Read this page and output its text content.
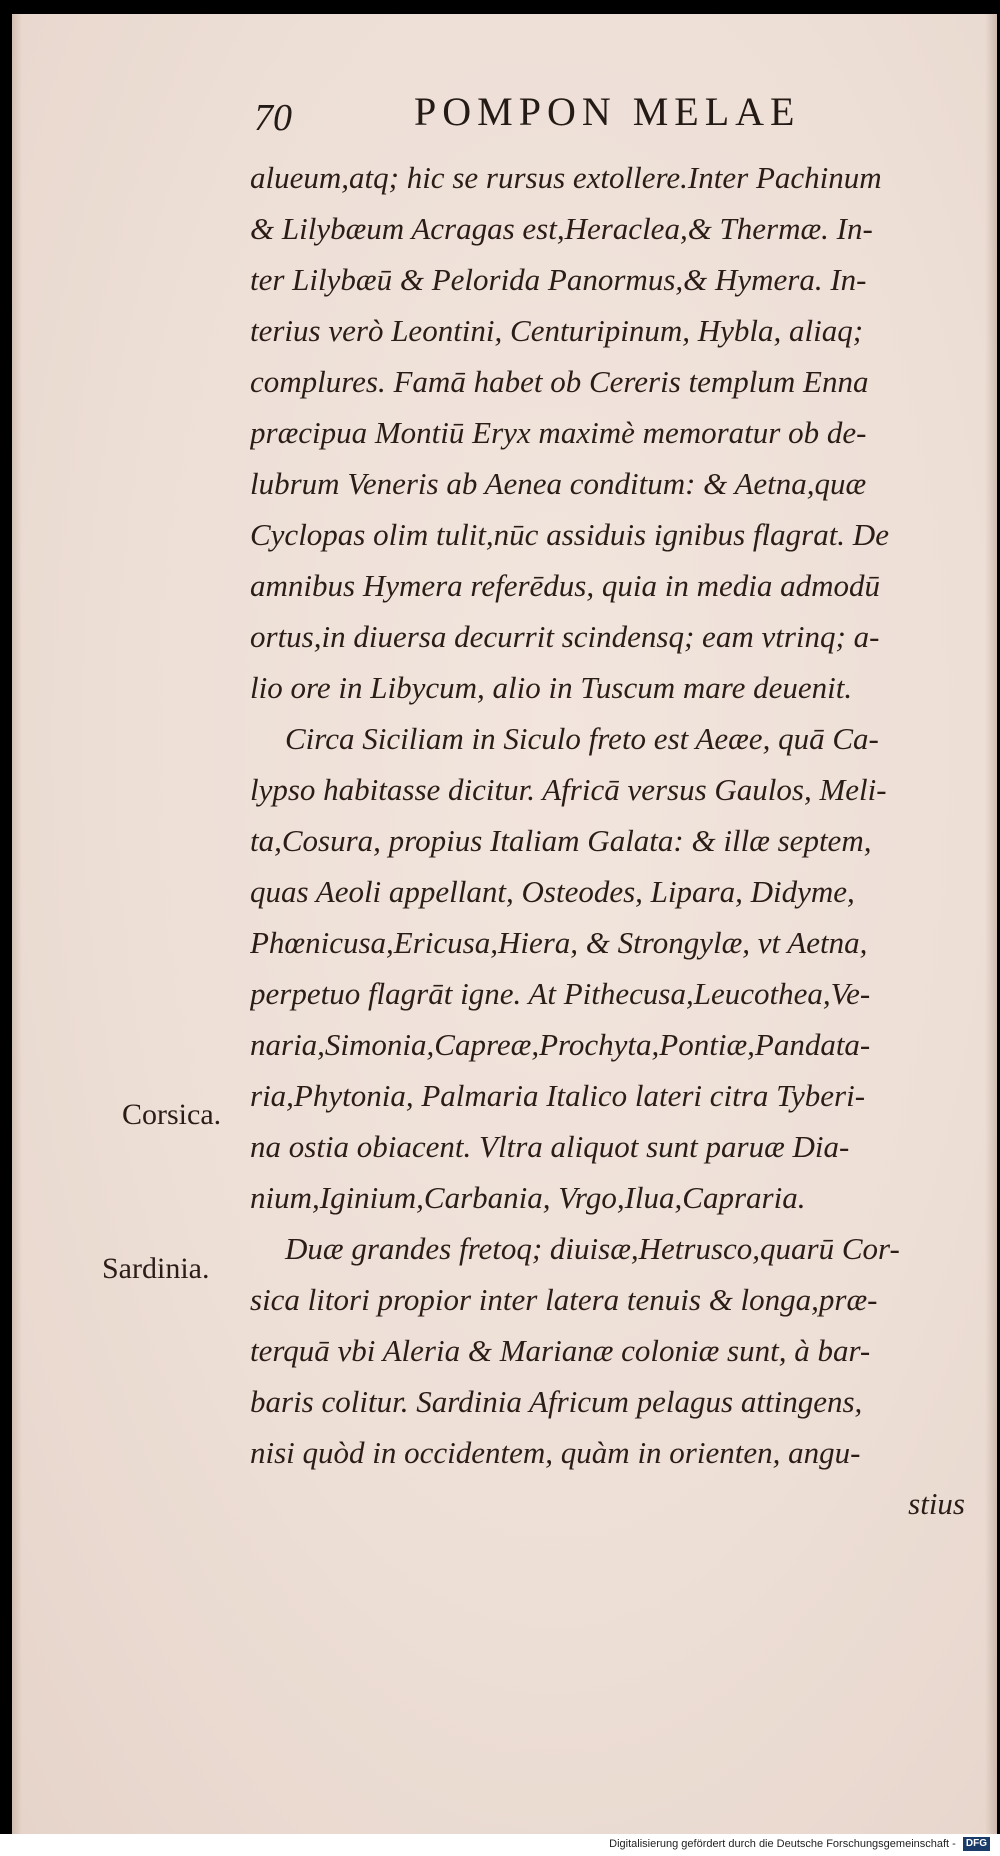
70	POMPON MELAE
alueum,atq; hic se rursus extollere.Inter Pachinum
& Lilybæum Acragas est,Heraclea,& Thermæ. In-
ter Lilybæū & Pelorida Panormus,& Hymera. In-
terius verò Leontini, Centuripinum, Hybla, aliaq;
complures. Famā habet ob Cereris templum Enna
præcipua Montiū Eryx maximè memoratur ob de-
lubrum Veneris ab Aenea conditum: & Aetna,quæ
Cyclopas olim tulit,nūc assiduis ignibus flagrat. De
amnibus Hymera referēdus, quia in media admodū
ortus,in diuersa decurrit scindensq; eam vtrinq; a-
lio ore in Libycum, alio in Tuscum mare deuenit.
Circa Siciliam in Siculo freto est Aeæe, quā Ca-
lypso habitasse dicitur. Africā versus Gaulos, Meli-
ta,Cosura, propius Italiam Galata: & illæ septem,
quas Aeoli appellant, Osteodes, Lipara, Didyme,
Phœnicusa,Ericusa,Hiera, & Strongylæ, vt Aetna,
perpetuo flagrāt igne. At Pithecusa,Leucothea,Ve-
naria,Simonia,Capreæ,Prochyta,Pontiæ,Pandata-
ria,Phytonia, Palmaria Italico lateri citra Tyberi-
na ostia obiacent. Vltra aliquot sunt paruæ Dia-
nium,Iginium,Carbania, Vrgo,Ilua,Capraria.
Duæ grandes fretoq; diuisæ,Hetrusco,quarū Cor-
sica litori propior inter latera tenuis & longa,præ-
terquā vbi Aleria & Marianæ coloniæ sunt, à bar-
baris colitur. Sardinia Africum pelagus attingens,
nisi quòd in occidentem, quàm in orienten, angu-
stius
Corsica.
Sardinia.
Digitalisierung gefördert durch die Deutsche Forschungsgemeinschaft - DFG
